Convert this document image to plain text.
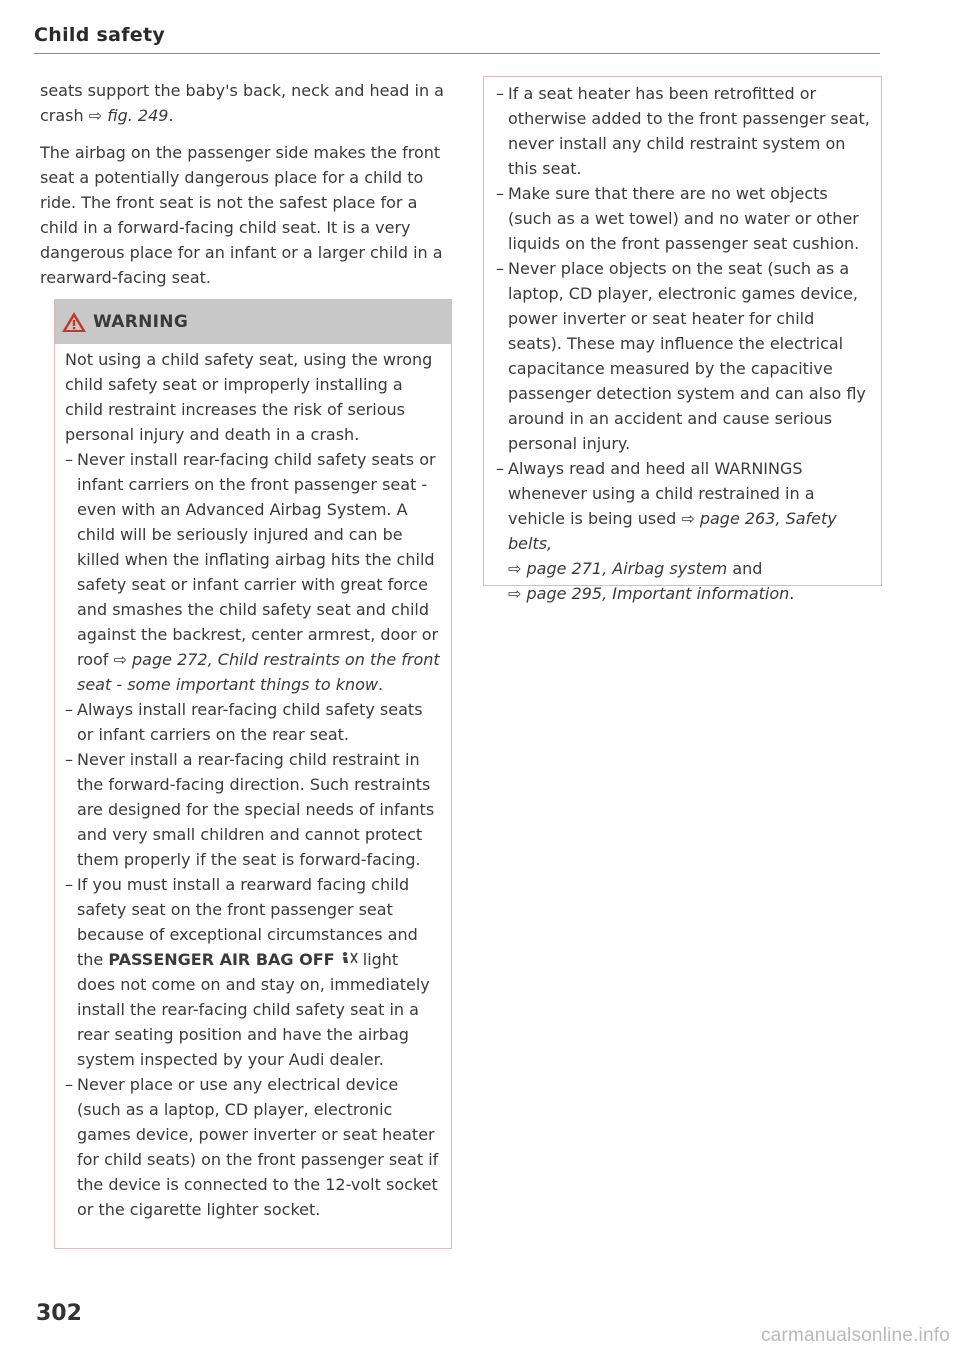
Child safety

seats support the baby's back, neck and head in a crash ⇨ fig. 249.

The airbag on the passenger side makes the front seat a potentially dangerous place for a child to ride. The front seat is not the safest place for a child in a forward-facing child seat. It is a very dangerous place for an infant or a larger child in a rearward-facing seat.

WARNING

Not using a child safety seat, using the wrong child safety seat or improperly installing a child restraint increases the risk of serious personal injury and death in a crash.

– Never install rear-facing child safety seats or infant carriers on the front passenger seat - even with an Advanced Airbag System. A child will be seriously injured and can be killed when the inflating airbag hits the child safety seat or infant carrier with great force and smashes the child safety seat and child against the backrest, center armrest, door or roof ⇨ page 272, Child restraints on the front seat - some important things to know.
– Always install rear-facing child safety seats or infant carriers on the rear seat.
– Never install a rear-facing child restraint in the forward-facing direction. Such restraints are designed for the special needs of infants and very small children and cannot protect them properly if the seat is forward-facing.
– If you must install a rearward facing child safety seat on the front passenger seat because of exceptional circumstances and the PASSENGER AIR BAG OFF  light does not come on and stay on, immediately install the rear-facing child safety seat in a rear seating position and have the airbag system inspected by your Audi dealer.
– Never place or use any electrical device (such as a laptop, CD player, electronic games device, power inverter or seat heater for child seats) on the front passenger seat if the device is connected to the 12-volt socket or the cigarette lighter socket.
– If a seat heater has been retrofitted or otherwise added to the front passenger seat, never install any child restraint system on this seat.
– Make sure that there are no wet objects (such as a wet towel) and no water or other liquids on the front passenger seat cushion.
– Never place objects on the seat (such as a laptop, CD player, electronic games device, power inverter or seat heater for child seats). These may influence the electrical capacitance measured by the capacitive passenger detection system and can also fly around in an accident and cause serious personal injury.
– Always read and heed all WARNINGS whenever using a child restrained in a vehicle is being used ⇨ page 263, Safety belts,
⇨ page 271, Airbag system and
⇨ page 295, Important information.
302
carmanualsonline.info
